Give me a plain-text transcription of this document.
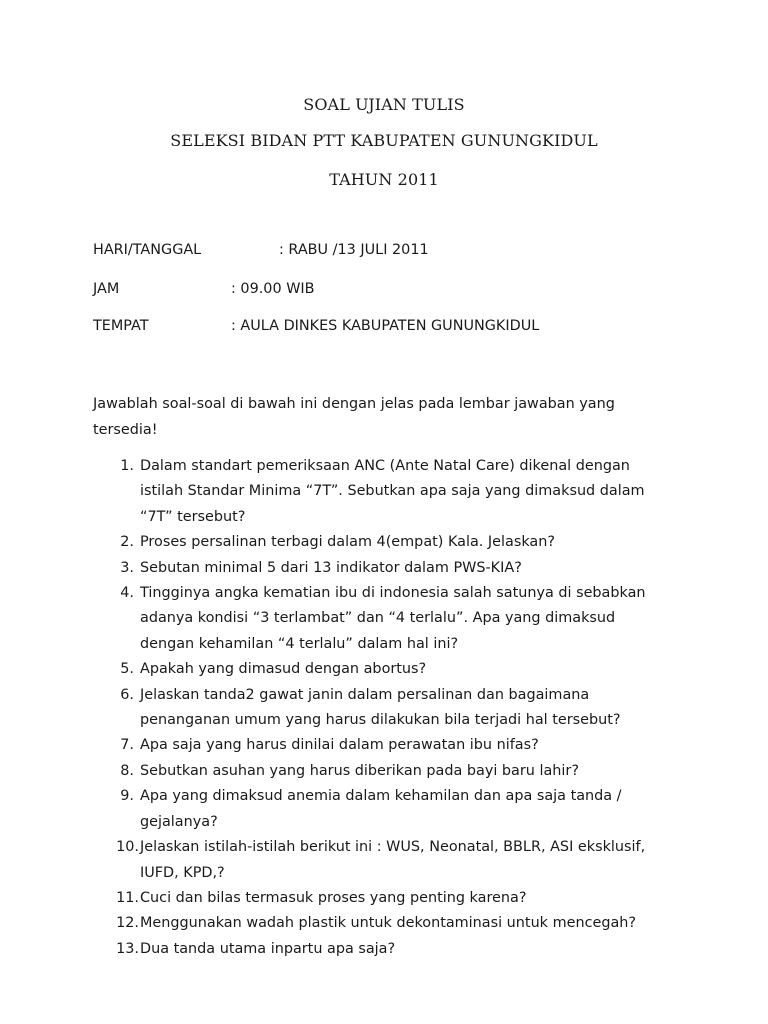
SOAL UJIAN TULIS
SELEKSI BIDAN PTT KABUPATEN GUNUNGKIDUL
TAHUN 2011
HARI/TANGGAL	: RABU /13 JULI 2011
JAM	: 09.00 WIB
TEMPAT	: AULA DINKES KABUPATEN GUNUNGKIDUL
Jawablah soal-soal di bawah ini dengan jelas pada lembar jawaban yang tersedia!
1. Dalam standart pemeriksaan ANC (Ante Natal Care) dikenal dengan istilah Standar Minima “7T”. Sebutkan apa saja yang dimaksud dalam “7T” tersebut?
2. Proses persalinan terbagi dalam 4(empat) Kala. Jelaskan?
3. Sebutan minimal 5 dari 13 indikator dalam PWS-KIA?
4. Tingginya angka kematian ibu di indonesia salah satunya di sebabkan adanya kondisi “3 terlambat” dan “4 terlalu”. Apa yang dimaksud dengan kehamilan “4 terlalu” dalam hal ini?
5. Apakah yang dimasud dengan abortus?
6. Jelaskan tanda2 gawat janin dalam persalinan dan bagaimana penanganan umum yang harus dilakukan bila terjadi hal tersebut?
7. Apa saja yang harus dinilai dalam perawatan ibu nifas?
8. Sebutkan asuhan yang harus diberikan pada bayi baru lahir?
9. Apa yang dimaksud anemia dalam kehamilan dan apa saja tanda / gejalanya?
10. Jelaskan istilah-istilah berikut ini : WUS, Neonatal, BBLR, ASI eksklusif, IUFD, KPD,?
11. Cuci dan bilas termasuk proses yang penting karena?
12. Menggunakan wadah plastik untuk dekontaminasi untuk mencegah?
13. Dua tanda utama inpartu apa saja?
